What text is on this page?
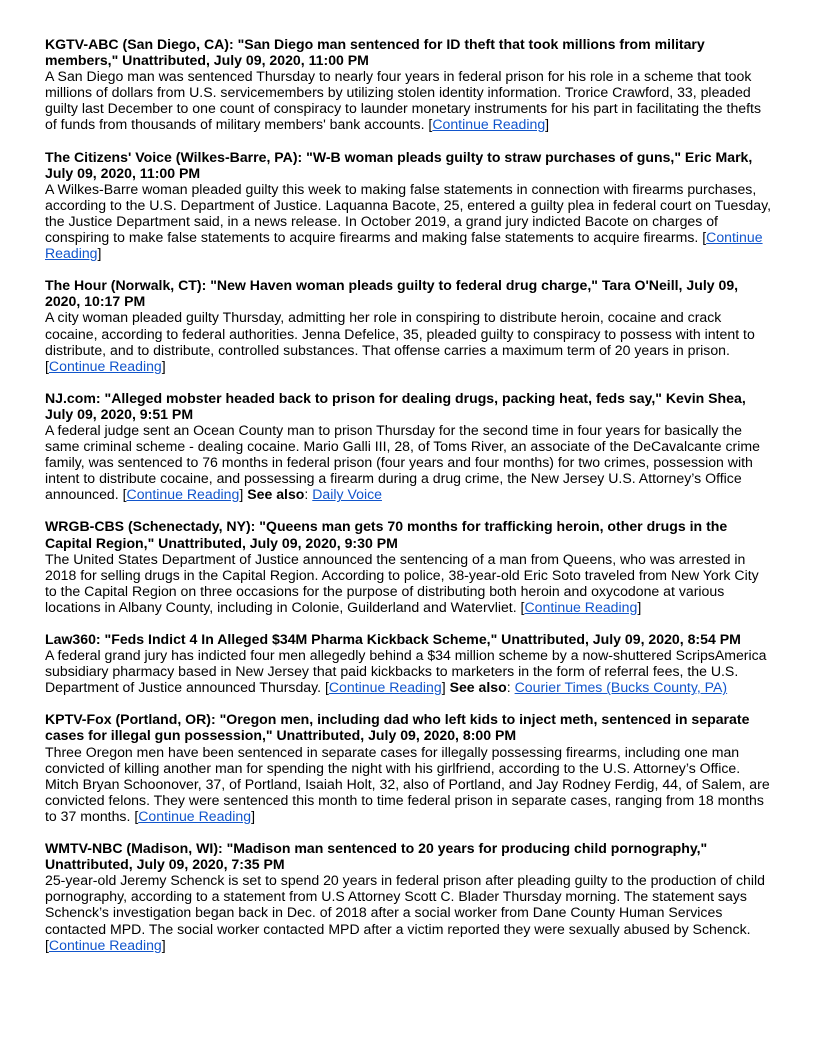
KGTV-ABC (San Diego, CA): "San Diego man sentenced for ID theft that took millions from military members," Unattributed, July 09, 2020, 11:00 PM

A San Diego man was sentenced Thursday to nearly four years in federal prison for his role in a scheme that took millions of dollars from U.S. servicemembers by utilizing stolen identity information. Trorice Crawford, 33, pleaded guilty last December to one count of conspiracy to launder monetary instruments for his part in facilitating the thefts of funds from thousands of military members' bank accounts. [Continue Reading]

The Citizens' Voice (Wilkes-Barre, PA): "W-B woman pleads guilty to straw purchases of guns," Eric Mark, July 09, 2020, 11:00 PM

A Wilkes-Barre woman pleaded guilty this week to making false statements in connection with firearms purchases, according to the U.S. Department of Justice. Laquanna Bacote, 25, entered a guilty plea in federal court on Tuesday, the Justice Department said, in a news release. In October 2019, a grand jury indicted Bacote on charges of conspiring to make false statements to acquire firearms and making false statements to acquire firearms. [Continue Reading]

The Hour (Norwalk, CT): "New Haven woman pleads guilty to federal drug charge," Tara O'Neill, July 09, 2020, 10:17 PM

A city woman pleaded guilty Thursday, admitting her role in conspiring to distribute heroin, cocaine and crack cocaine, according to federal authorities. Jenna Defelice, 35, pleaded guilty to conspiracy to possess with intent to distribute, and to distribute, controlled substances. That offense carries a maximum term of 20 years in prison. [Continue Reading]

NJ.com: "Alleged mobster headed back to prison for dealing drugs, packing heat, feds say," Kevin Shea, July 09, 2020, 9:51 PM

A federal judge sent an Ocean County man to prison Thursday for the second time in four years for basically the same criminal scheme - dealing cocaine. Mario Galli III, 28, of Toms River, an associate of the DeCavalcante crime family, was sentenced to 76 months in federal prison (four years and four months) for two crimes, possession with intent to distribute cocaine, and possessing a firearm during a drug crime, the New Jersey U.S. Attorney’s Office announced. [Continue Reading] See also: Daily Voice

WRGB-CBS (Schenectady, NY): "Queens man gets 70 months for trafficking heroin, other drugs in the Capital Region," Unattributed, July 09, 2020, 9:30 PM

The United States Department of Justice announced the sentencing of a man from Queens, who was arrested in 2018 for selling drugs in the Capital Region. According to police, 38-year-old Eric Soto traveled from New York City to the Capital Region on three occasions for the purpose of distributing both heroin and oxycodone at various locations in Albany County, including in Colonie, Guilderland and Watervliet. [Continue Reading]

Law360: "Feds Indict 4 In Alleged $34M Pharma Kickback Scheme," Unattributed, July 09, 2020, 8:54 PM

A federal grand jury has indicted four men allegedly behind a $34 million scheme by a now-shuttered ScripsAmerica subsidiary pharmacy based in New Jersey that paid kickbacks to marketers in the form of referral fees, the U.S. Department of Justice announced Thursday. [Continue Reading] See also: Courier Times (Bucks County, PA)

KPTV-Fox (Portland, OR): "Oregon men, including dad who left kids to inject meth, sentenced in separate cases for illegal gun possession," Unattributed, July 09, 2020, 8:00 PM

Three Oregon men have been sentenced in separate cases for illegally possessing firearms, including one man convicted of killing another man for spending the night with his girlfriend, according to the U.S. Attorney’s Office. Mitch Bryan Schoonover, 37, of Portland, Isaiah Holt, 32, also of Portland, and Jay Rodney Ferdig, 44, of Salem, are convicted felons. They were sentenced this month to time federal prison in separate cases, ranging from 18 months to 37 months. [Continue Reading]

WMTV-NBC (Madison, WI): "Madison man sentenced to 20 years for producing child pornography," Unattributed, July 09, 2020, 7:35 PM

25-year-old Jeremy Schenck is set to spend 20 years in federal prison after pleading guilty to the production of child pornography, according to a statement from U.S Attorney Scott C. Blader Thursday morning. The statement says Schenck’s investigation began back in Dec. of 2018 after a social worker from Dane County Human Services contacted MPD. The social worker contacted MPD after a victim reported they were sexually abused by Schenck. [Continue Reading]
